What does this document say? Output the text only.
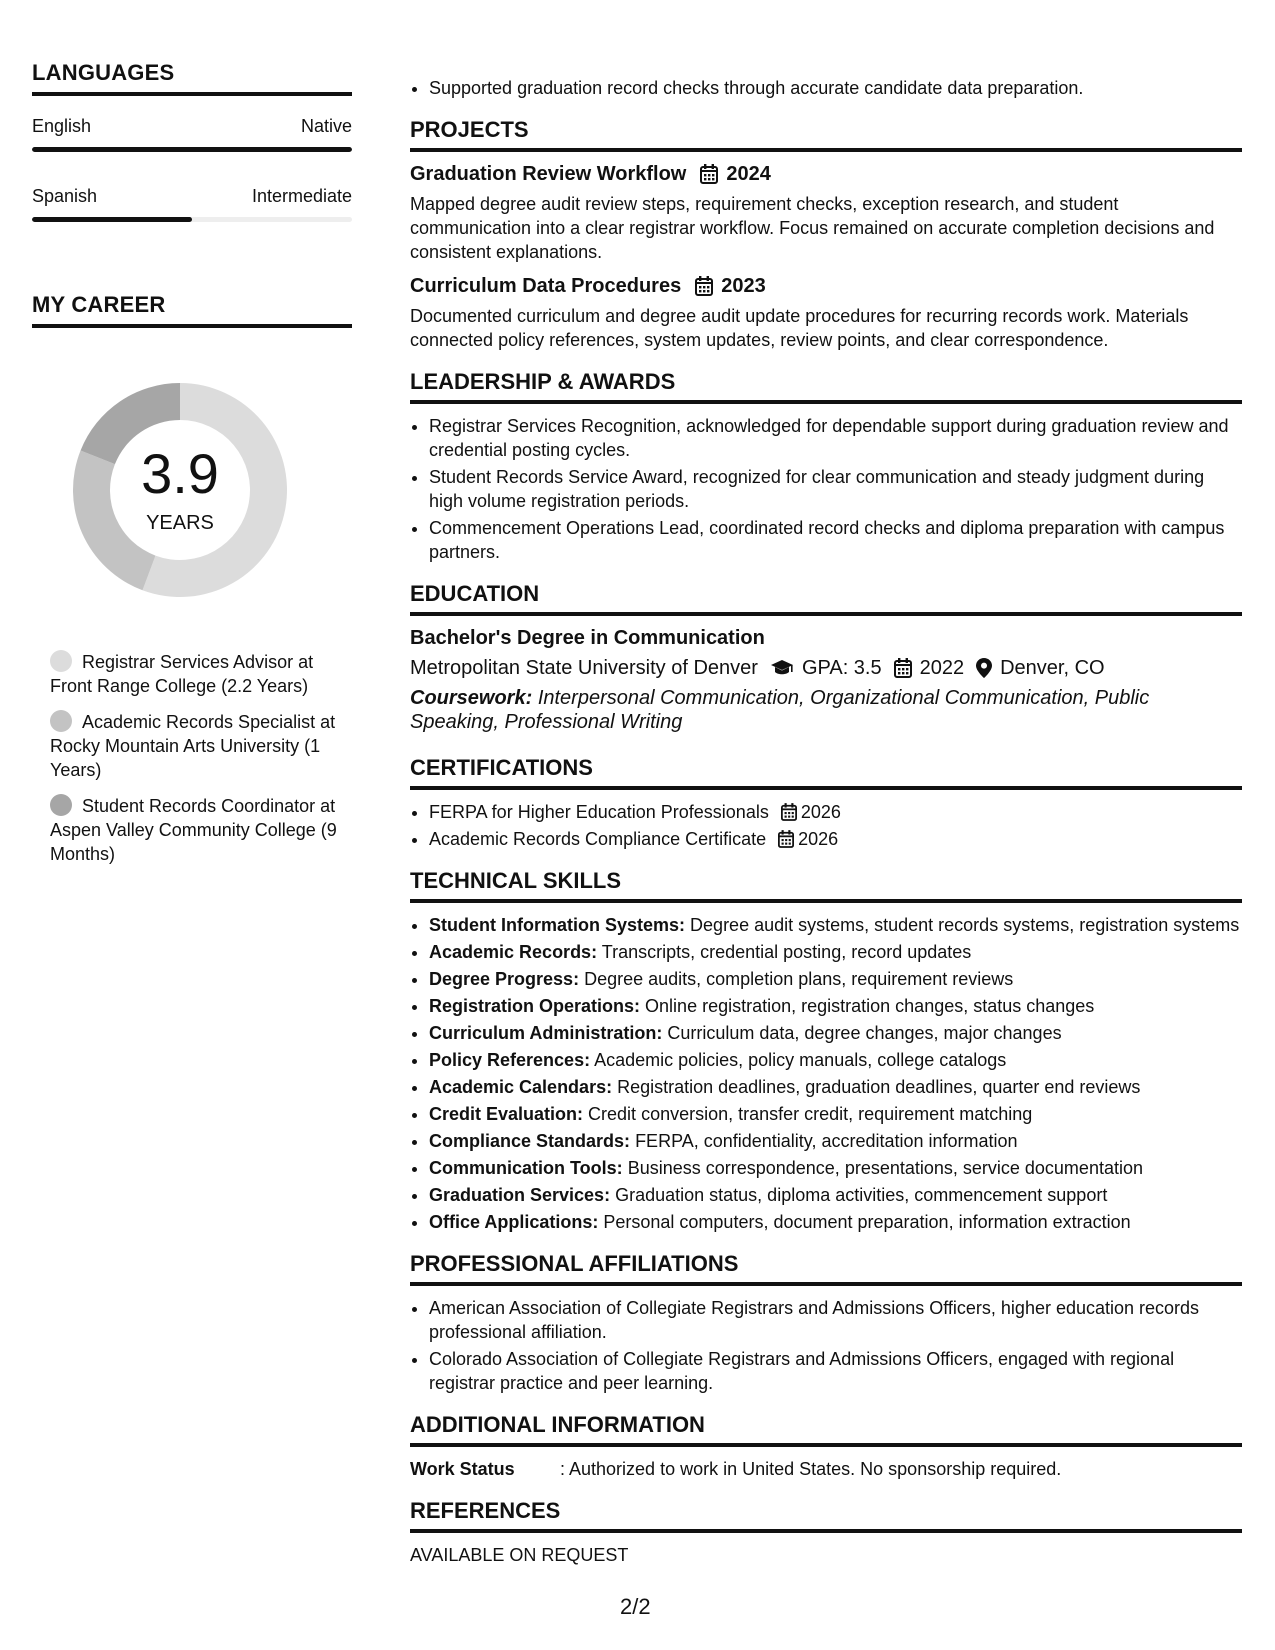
LANGUAGES
English	Native
Spanish	Intermediate
MY CAREER
3.9
YEARS
Registrar Services Advisor at Front Range College (2.2 Years)
Academic Records Specialist at Rocky Mountain Arts University (1 Years)
Student Records Coordinator at Aspen Valley Community College (9 Months)
• Supported graduation record checks through accurate candidate data preparation.
PROJECTS
Graduation Review Workflow 2024
Mapped degree audit review steps, requirement checks, exception research, and student communication into a clear registrar workflow. Focus remained on accurate completion decisions and consistent explanations.
Curriculum Data Procedures 2023
Documented curriculum and degree audit update procedures for recurring records work. Materials connected policy references, system updates, review points, and clear correspondence.
LEADERSHIP & AWARDS
• Registrar Services Recognition, acknowledged for dependable support during graduation review and credential posting cycles.
• Student Records Service Award, recognized for clear communication and steady judgment during high volume registration periods.
• Commencement Operations Lead, coordinated record checks and diploma preparation with campus partners.
EDUCATION
Bachelor's Degree in Communication
Metropolitan State University of Denver GPA: 3.5 2022 Denver, CO
Coursework: Interpersonal Communication, Organizational Communication, Public Speaking, Professional Writing
CERTIFICATIONS
• FERPA for Higher Education Professionals 2026
• Academic Records Compliance Certificate 2026
TECHNICAL SKILLS
• Student Information Systems: Degree audit systems, student records systems, registration systems
• Academic Records: Transcripts, credential posting, record updates
• Degree Progress: Degree audits, completion plans, requirement reviews
• Registration Operations: Online registration, registration changes, status changes
• Curriculum Administration: Curriculum data, degree changes, major changes
• Policy References: Academic policies, policy manuals, college catalogs
• Academic Calendars: Registration deadlines, graduation deadlines, quarter end reviews
• Credit Evaluation: Credit conversion, transfer credit, requirement matching
• Compliance Standards: FERPA, confidentiality, accreditation information
• Communication Tools: Business correspondence, presentations, service documentation
• Graduation Services: Graduation status, diploma activities, commencement support
• Office Applications: Personal computers, document preparation, information extraction
PROFESSIONAL AFFILIATIONS
• American Association of Collegiate Registrars and Admissions Officers, higher education records professional affiliation.
• Colorado Association of Collegiate Registrars and Admissions Officers, engaged with regional registrar practice and peer learning.
ADDITIONAL INFORMATION
Work Status	: Authorized to work in United States. No sponsorship required.
REFERENCES
AVAILABLE ON REQUEST
2/2
